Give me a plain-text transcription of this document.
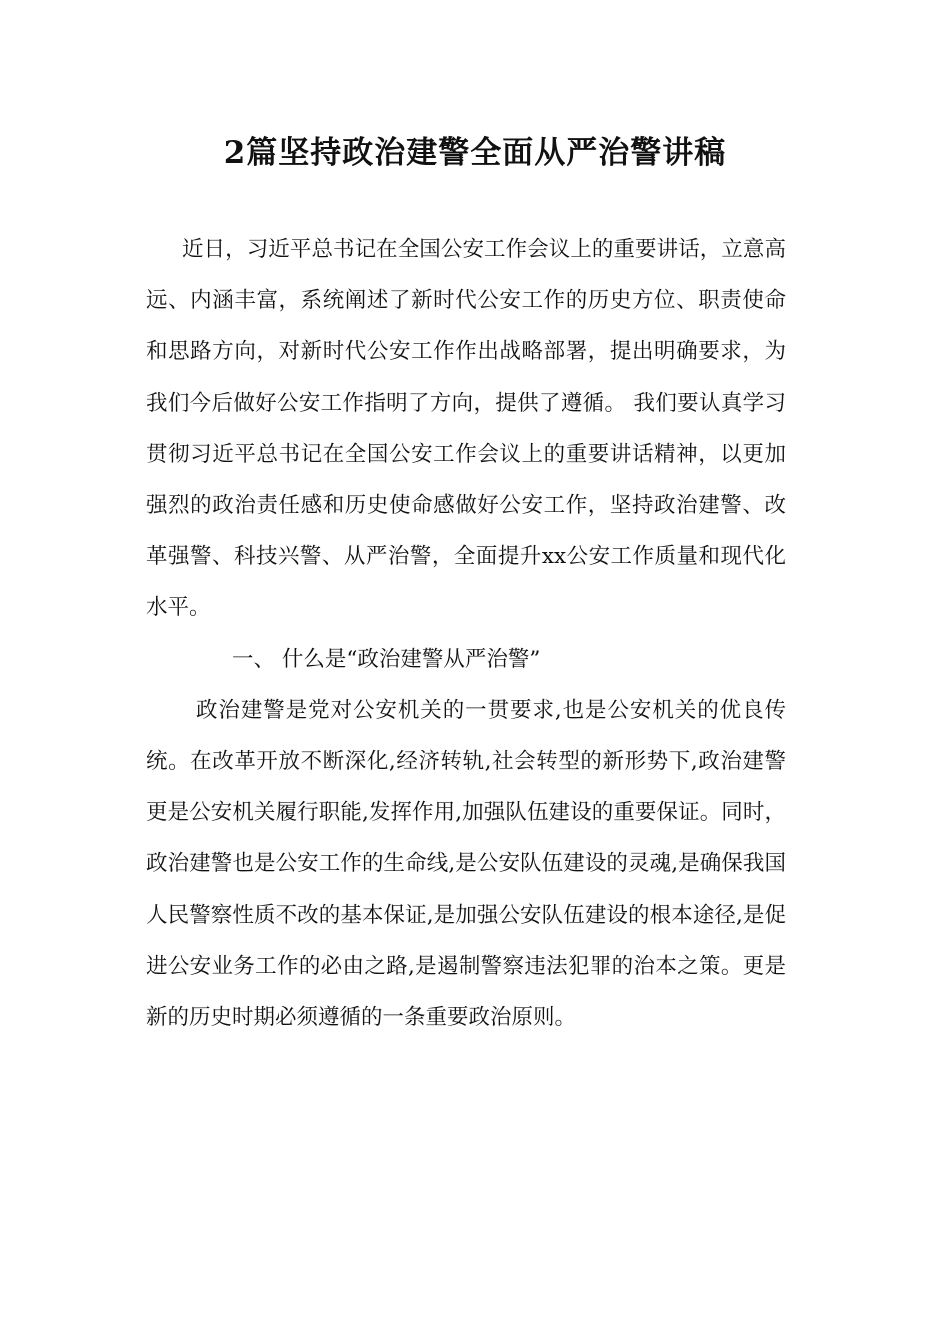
2篇坚持政治建警全面从严治警讲稿

近日，习近平总书记在全国公安工作会议上的重要讲话，立意高远、内涵丰富，系统阐述了新时代公安工作的历史方位、职责使命和思路方向，对新时代公安工作作出战略部署，提出明确要求，为我们今后做好公安工作指明了方向，提供了遵循。 我们要认真学习贯彻习近平总书记在全国公安工作会议上的重要讲话精神，以更加强烈的政治责任感和历史使命感做好公安工作，坚持政治建警、改革强警、科技兴警、从严治警，全面提升xx公安工作质量和现代化水平。

一、 什么是“政治建警从严治警”

政治建警是党对公安机关的一贯要求,也是公安机关的优良传统。在改革开放不断深化,经济转轨,社会转型的新形势下,政治建警更是公安机关履行职能,发挥作用,加强队伍建设的重要保证。同时，政治建警也是公安工作的生命线,是公安队伍建设的灵魂,是确保我国人民警察性质不改的基本保证,是加强公安队伍建设的根本途径,是促进公安业务工作的必由之路,是遏制警察违法犯罪的治本之策。更是新的历史时期必须遵循的一条重要政治原则。
